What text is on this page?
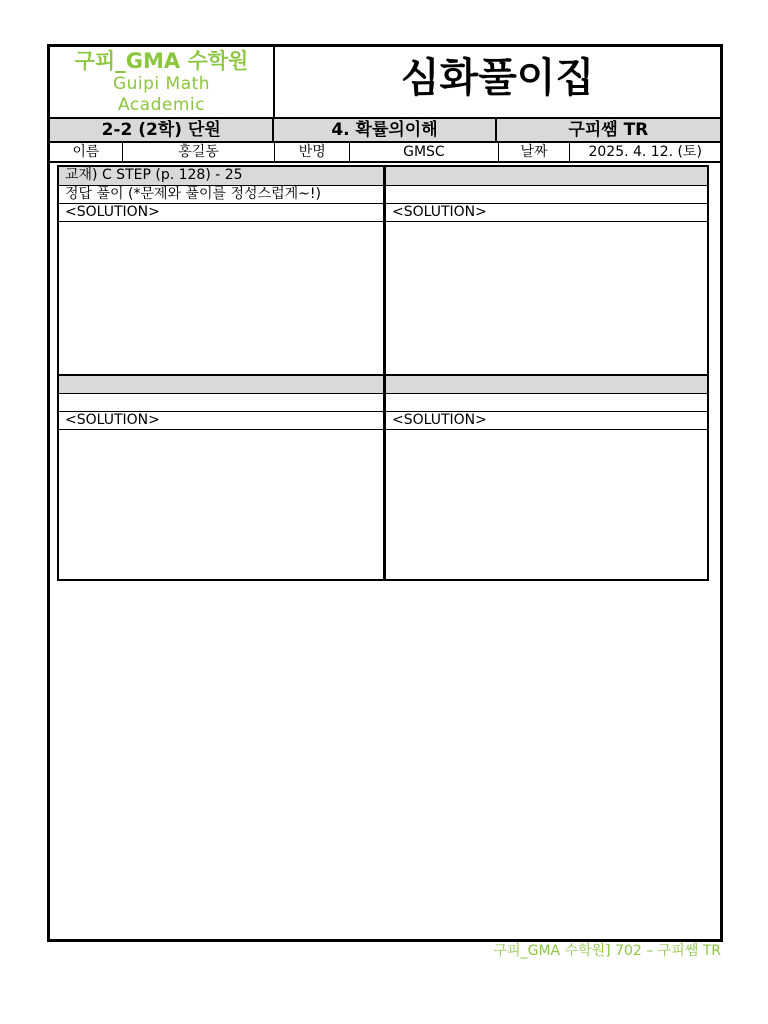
구피_GMA 수학원
Guipi Math
Academic
심화풀이집
2-2 (2학) 단원	4. 확률의이해	구피쌤 TR
이름	홍길동	반명	GMSC	날짜	2025. 4. 12. (토)
교재) C STEP (p. 128) - 25
정답 풀이 (*문제와 풀이를 정성스럽게~!)
<SOLUTION>	<SOLUTION>
<SOLUTION>	<SOLUTION>
구피_GMA 수학원] 702 – 구피쌤 TR
